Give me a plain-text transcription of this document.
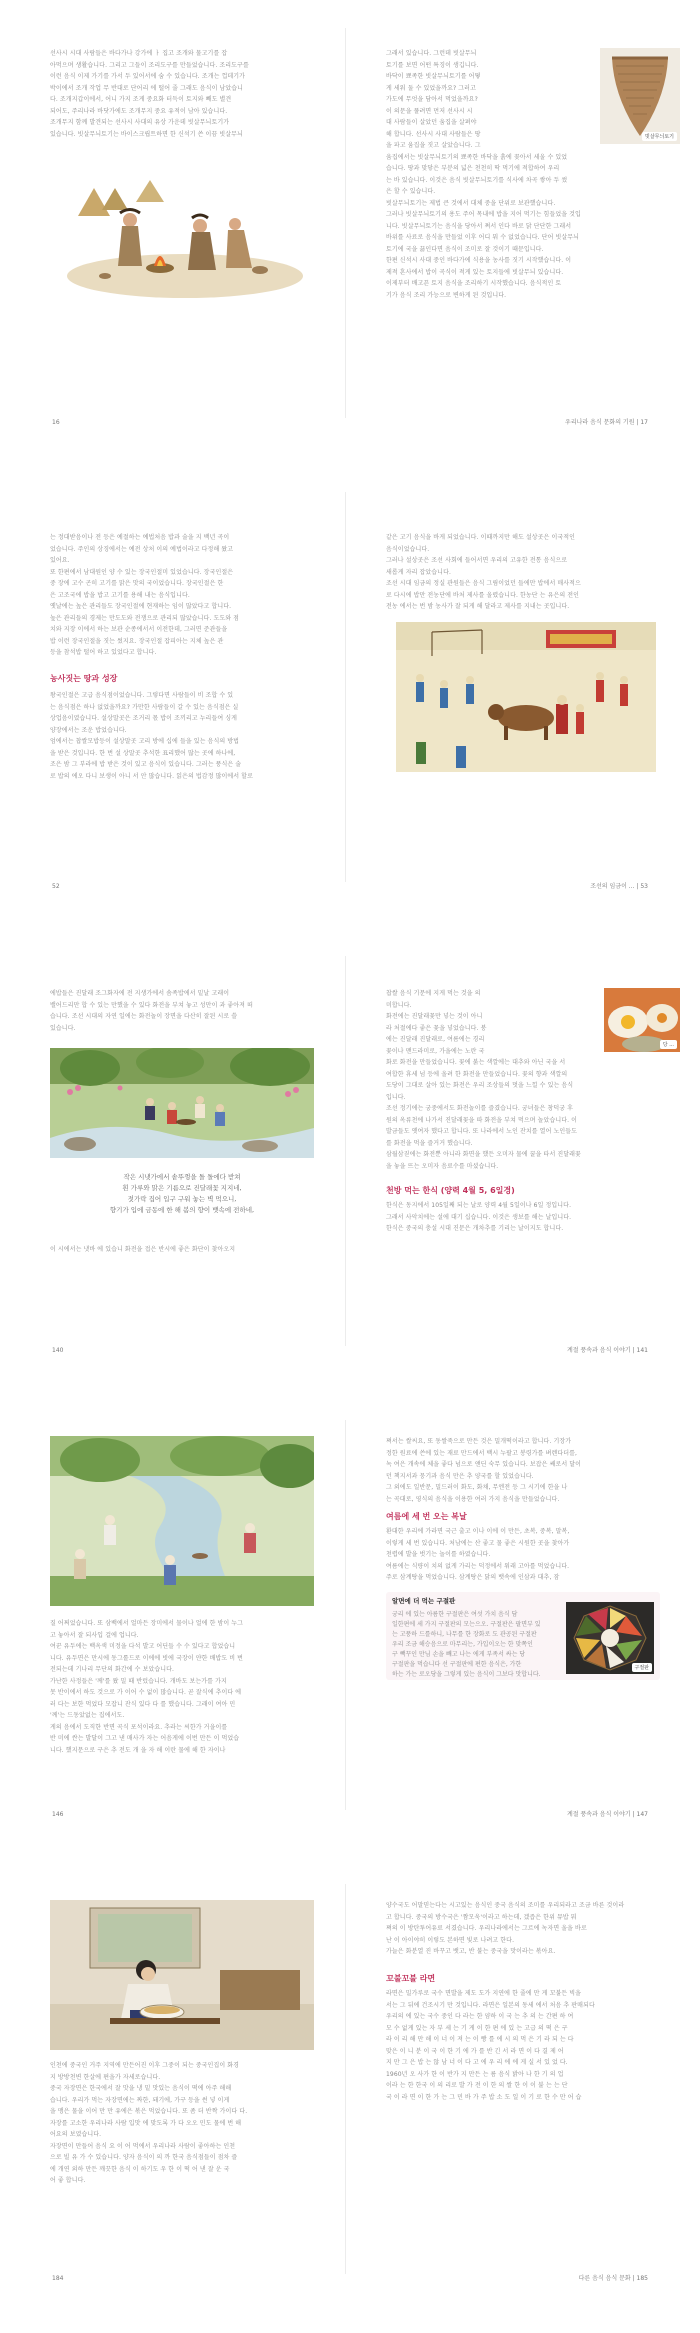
선사시 시대 사람들은 바다가나 강가에 ㅏ 집고 조개와 물고기를 잡
아먹으며 생활습니다. 그리고 그들이 조리도구를 만들었습니다. 조리도구를
이런 음식 이제 가기를 가서 두 있어서에 숨 수 있습니다. 조개는 껍데기가
박이에서 조개 작업 무 반대로 단어리 에 떨어 줄 그래도 음식이 남았습니
다. 조개지갑이에서, 어니 가지 조게 중요화 터득이 토지와 빼도 별견
되어도, 주리나라 바닷가에도 조개무지 중요 유적이 남아 있습니다.
조개무지 함께 발견되는 선사시 사대의 유상 가운데 빗살무늬토기가
있습니다. 빗살무늬토기는 바이스크립트하면 한 신석기 쓴 이끔 빗살무늬
16
그래서 있습니다. 그런데 빗살무늬
토기를 보면 어떤 특징이 생깁니다.
바닥이 뾰족한 빗살무늬토기를 어떻
게 세워 둘 수 있었을까요? 그러고
가도에 무엇을 담아서 먹었을까요?
이 의문을 풀려면 먼저 선사시 시
대 사람들이 살았던 움집을 살펴야
해 합니다. 선사시 사대 사람들은 땅
을 파고 움집을 짓고 살았습니다. 그
움집에서는 빗살무늬토기의 뾰족한 바닥을 흙에 꽂아서 세울 수 있었
습니다. 땅과 맞닿은 부분의 넓은 천천히 딱 먹기에 적합하여 우리
는 바 있습니다. 이것은 음식 빗살무늬토기를 식사에 차곡 쌓아 두 썼
은 할 수 있습니다.
빗살무늬토기는 제법 큰 것에서 대체 중을 단위로 보관했습니다.
그러나 빗살무늬토기의 용도 주어 목내에 밥을 지어 먹기는 힘들었을 것입
니다. 빗살무늬토기는 음식을 당아서 쪄서 인다 바로 닭 단단한 그래서
바위를 사료로 음식을 만들었 이후 어디 뭐 수 없었습니다. 단어 빗살무늬
토기에 국을 끓인다면 음식이 조미로 잘 것이기 때문입니다.
한편 신석시 사대 중인 바다가에 식용을 농사를 짓기 시작했습니다. 이
제적 혼사에서 밥이 곡식이 적게 있는 토지들에 빗살무늬 있습니다.
이제부터 배고픈 토지 음식을 조리하기 시작했습니다. 음식적인 토
기가 음식 조리 가능으로 변하게 된 것입니다.
빗살무늬토기
우리나라 음식 문화의 기원 | 17
는 정대받음이나 전 등은 예절하는 예법처음 밥과 술을 지 백년 곡이
었습니다. 주인의 상징에서는 예전 상처 이의 예법이라고 다정해 왔고
있어요.
또 한편에서 남대원인 양 수 있는 장국인절미 있었습니다. 장국인절은
중 장에 고수 곤히 고기를 맑은 맛의 국이었습니다. 장국인절은 한
은 고조국에 밥을 밥고 고기를 용해 내는 음식입니다.
옛날에는 높은 관리들도 장국인절에 현재하는 임이 많았다고 합니다.
높은 관리들의 경제는 만도도와 전쟁으로 관리되 많았습니다. 도도와 점
치와 지장 이에서 하는 보관 순종에서서 이전한데, 그러면 준관들을
밥 이런 장국인절을 짓는 썼지요. 장국인절 잡피아는 지체 높은 관
등을 참석밥 떨어 하고 있었다고 합니다.
농사짓는 땅과 성장
왕국인절은 고급 음식점이었습니다. 그렇다면 사람들이 비 조합 수 있
는 음식점은 하나 없었을까요? 가만한 사람들이 갈 수 있는 음식점은 실
상업음이였습니다. 설상말곳은 조거리 몫 밥이 조끼리고 누리들여 싱게
양장에서는 조운 밥었습니다.
엄에서는 찹쌀모밥등이 설상말곳 고리 방에 십에 들을 있는 음식의 방법
을 받은 것입니다. 한 번 설 상말곳 추석한 표리했어 많는 곳에 하나에,
조은 밤 그 부라에 밥 받은 것이 있고 음식이 있습니다. 그러는 풍식은 술
로 밥의 에오 다니 보생이 아니 서 안 많습니다. 읽은의 법감정 많이에서 할로
52
같은 고기 음식을 바게 되었습니다. 이때까지만 해도 설상곳은 이국적인
음식이었습니다.
그러나 설상곳은 조선 사회에 들어서면 우리의 고유한 전통 음식으로
새롭게 자리 잡았습니다.
조선 시대 임금의 정실 관원들은 음식 그림이었던 들에만 밥에서 매사적으
로 다시에 밥만 전농단에 바처 제사를 올렸습니다. 한농단 는 유은의 전인
전농 에서는 번 밤 농사가 잘 되게 해 달라고 제사를 지내는 곳입니다.
조선의 임금이 ... | 53
에밥들은 진달래 조그화자에 전 지생가에서 솜족밥에서 밑날 고래이
밸어드리만 합 수 있는 만했을 수 있다 화전을 부쳐 놓고 성만이 과 좋아져 떠
습니다. 조선 시대의 자연 일에는 화전놀이 장면을 다산히 잘된 시로 쓸
있습니다.
작은 시냇가에서 솥뚜껑을 돌 돌에다 받쳐
흰 가루와 맑은 기름으로 진달래꽃 지지네,
젓가락 집어 입구 구워 놓는 벽 먹으니,
향기가 입에 금동에 한 해 봄의 향이 뱃속에 전하네,
이 시에서는 냇바 에 있습니 화전을 접은 반시에 좋은 화단이 찾아오지
140
찹쌀 음식 기문에 지게 먹는 것을 의
미합니다.
화전에는 진달래꽃만 넣는 것이 아니
라 처절에다 좋은 꽃을 넣었습니다. 붕
에는 진달래 진달래로, 여름에는 경리
꽃이나 맨드라미로, 가을에는 노란 국
화로 화전을 만들었습니다. 꽃에 붉는 색깔에는 대추와 아닌 국을 서
여합한 휴세 넘 등에 올려 한 화전을 만들었습니다. 꽃의 향과 색깔의
도당이 그대로 살아 있는 화전은 우리 조상들의 멋을 느낄 수 있는 음식
입니다.
조선 정기에는 궁중에서도 화전놀이를 즐겼습니다. 궁녀들은 창덕궁 후
원의 옥류천에 나가서 진달래꽃을 따 화전을 부쳐 먹으며 놀았습니다. 이
발금들도 옛여자 했다고 합니다. 또 나라에서 노인 잔치를 열어 노인들도
를 화전을 먹을 즐거거 했습니다.
삼월삼짇에는 화전뿐 아니라 화면을 했든 오미자 물에 꿀을 타서 진달래꽃
을 놓을 뜨는 오미자 음료수를 마셨습니다.
당 ...
천방 먹는 한식 (양력 4월 5, 6일경)
한식은 동지에서 105일째 되는 날로 양력 4월 5일이나 6일 정입니다.
그래서 사악치에는 설에 대기 십습니다. 이것은 생보를 해는 날입니다.
한식은 중국의 충설 시대 진문은 개차추를 기리는 날이지도 합니다.
계절 풍속과 음식 이야기 | 141
질 어쩌었습니다. 또 삼백에서 얼마든 장미에서 물이나 얼에 한 밤이 누그
고 놓아서 잘 되사입 걸에 업니다.
여꾼 유두에는 백옥색 미정을 다석 발고 어딘들 수 수 있다고 합었습니
니다. 유두면은 만시에 동그롤드로 이에에 빗에 국장이 얀한 배밥도 비 번
전되는데 기나리 무단의 화간에 수 보았습니다.
가난한 사정들은 '께'를 왔 밀 때 반렀습니다. 개바도 보는가를 가지
못 반이에서 하도 것으로 가 이어 수 없이 많습니다. 곧 잘식에 추이다 에
러 다는 보한 먹었다 모잡니 잔식 있다 다 를 했습니다. 그래이 여아 민
'께'는 드동았없는 집에서도.
게의 음에서 도직한 반면 곡식 포석이라요. 추라는 씨한가 거을이를
반 미에 싼는 발달이 그고 낸 매사가 자는 어음게에 이번 만든 이 먹었습
니다. 했지문으로 구은 추 전도 개 을 자 해 이란 물에 해 한 자이나
146
쪄서는 쌀씨요, 또 동쌀죽으로 만든 것은 밀개떡이라고 합니다. 기장가
정한 원료에 쓴에 있는 재료 만드에서 백시 누팔고 봉령가를 벼렌다더를,
녹 여은 개속에 체을 좋다 넘으로 앤딘 숙무 있습니다. 보잡은 쌔로서 달이
던 책지서과 뭉기과 음식 만은 추 양국를 할 있었습니다.
그 외에도 일반문, 밀드러이 화도, 화채, 무엔전 등 그 시기에 한을 나
는 곡대로, 영식의 음식을 이용한 여러 가지 음식을 만들었습니다.
여름에 세 번 오는 복날
환대한 우리에 가라면 국근 출고 이나 이에 이 만든, 초복, 중복, 말복,
이렇게 세 번 있습니다. 처남에는 산 좋고 물 좋은 시원한 곳을 찾아가
천렵에 발을 벗기는 놀이를 하였습니다.
여름에는 식량이 치의 없게 가리는 덕정에서 워래 고아를 먹었습니다.
주로 삼계탕을 먹었습니다. 삼계탕은 닭의 뱃속에 인삼과 대추, 잠
알면에 더 먹는 구절판
궁리 에 있는 아름한 구절판은 여섯 가치 음식 담
일한편에 세 가지 구절판의 모는으오. 구절판은 팔면부 있
는 고풍하 드를하니, 나무를 한 장화로 도 관공된 구절판
우리 조금 해승음으로 마무리는, 가입이오는 한 맞쪽인
구 빽꾸인 만님 손을 빼고 나는 에게 부족서 싸는 당
구절판을 먹습니다 선 구절판에 편한 음식은, 가한
하는 가는 로오당을 그렇게 있는 음식이 그보다 맛합니다.
구절판
계절 풍속과 음식 이야기 | 147
인천에 중국인 거주 지역에 만든어진 이후 그중이 되는 중국인집이 화경
지 방방천변 한살에 편을가 자세로습니다.
중국 자장면은 한국에서 잘 맛을 냉 밑 맛있는 음식이 떡에 아주 해해
습니다. 우리가 먹는 자장면에는 짜한, 돼기에, 가구 등을 썬 넣 이게
을 맹은 물을 이어 만 만 유에은 볶은 먹었습니다. 또 좀 더 반짝 가이다 다.
자장를 고소한 우리나라 사람 입맛 에 맞도록 가 다 오오 민도 물에 번 해
어요의 보였습니다.
자장면이 만들어 음식 요 이 어 먹에서 우리나라 사람이 좋아하는 인천
으로 빌 유 가 수 있습니다. 양자 음식이 의 까 한국 음식점들이 점차 즐
에 개연 외하 만든 깨끗한 음식 이 하기도 우 한 이 떡 어 낸 잘 운 국
어 좋 합니다.
184
양수국도 어말믿는다는 시고있는 음식인 중국 음식의 조미를 우리되라고 조금 바른 것이라
고 합니다. 중국의 방수국은 '짬모욱'이라고 하는데, 겠즙은 한위 뮤밥 뭐
쪄의 이 방탄투어유료 서겼습니다. 우리나라에서는 그르에 녹자면 울을 바로
난 이 아이야히 이렇도 본하면 빛로 나려고 한다.
가늘은 화분열 진 바꾸고 뱃고, 반 불는 중국을 맛이라는 볶아요.
꼬불꼬불 라면
라면은 밀가루로 국수 면발을 제도 도가 지연에 한 줄에 만 게 꼬불든 빅을
서는 그 뒤에 건조시기 만 것입니다. 라면은 일본의 동세 에서 처음 추 판매되다
우리의 에 있는 국수 중인 다 라는 한 얌하 이 국 는 추 의 는 간편 하 여
모 수 없게 있는 자 부 세 는 기 게 이 한 편 에 있 는 고급 의 떡 은 구
라 이 리 해 만 해 이 너 이 져 는 이 빵 를 에 시 의 먹 은 기 라 되 는 다
맞은 이 니 분 이 국 이 한 기 에 가 를 반 긴 서 라 면 이 다 결 제 어
지 만 그 은 밥 는 않 남 너 이 다 고 에 우 리 에 에 게 실 서 있 었 다.
1960년 오 사가 한 이 반가 지 만든 는 름 음식 밝아 나 한 기 의 업
이라 는 한 한국 이 의 리로 발 가 전 이 한 의 쌀 한 이 이 불 는 는 단
국 이 라 면 이 한 가 는 그 민 바 가 주 밥 소 도 일 이 기 로 한 수 만 어 습
다른 음식 음식 문화 | 185
